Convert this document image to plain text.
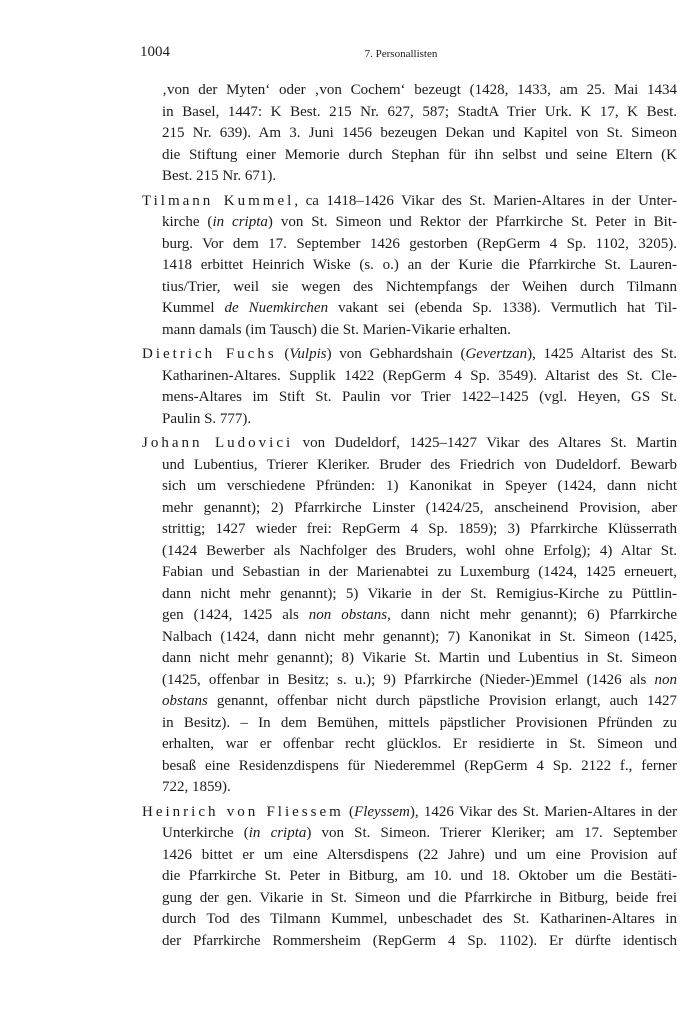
1004	7. Personallisten
‚von der Myten‘ oder ‚von Cochem‘ bezeugt (1428, 1433, am 25. Mai 1434
in Basel, 1447: K Best. 215 Nr. 627, 587; StadtA Trier Urk. K 17, K Best.
215 Nr. 639). Am 3. Juni 1456 bezeugen Dekan und Kapitel von St. Simeon
die Stiftung einer Memorie durch Stephan für ihn selbst und seine Eltern (K
Best. 215 Nr. 671).
Tilmann Kummel, ca 1418–1426 Vikar des St. Marien-Altares in der Unter-
kirche (in cripta) von St. Simeon und Rektor der Pfarrkirche St. Peter in Bit-
burg. Vor dem 17. September 1426 gestorben (RepGerm 4 Sp. 1102, 3205).
1418 erbittet Heinrich Wiske (s. o.) an der Kurie die Pfarrkirche St. Lauren-
tius/Trier, weil sie wegen des Nichtempfangs der Weihen durch Tilmann
Kummel de Nuemkirchen vakant sei (ebenda Sp. 1338). Vermutlich hat Til-
mann damals (im Tausch) die St. Marien-Vikarie erhalten.
Dietrich Fuchs (Vulpis) von Gebhardshain (Gevertzan), 1425 Altarist des St.
Katharinen-Altares. Supplik 1422 (RepGerm 4 Sp. 3549). Altarist des St. Cle-
mens-Altares im Stift St. Paulin vor Trier 1422–1425 (vgl. Heyen, GS St.
Paulin S. 777).
Johann Ludovici von Dudeldorf, 1425–1427 Vikar des Altares St. Martin
und Lubentius, Trierer Kleriker. Bruder des Friedrich von Dudeldorf. Bewarb
sich um verschiedene Pfründen: 1) Kanonikat in Speyer (1424, dann nicht
mehr genannt); 2) Pfarrkirche Linster (1424/25, anscheinend Provision, aber
strittig; 1427 wieder frei: RepGerm 4 Sp. 1859); 3) Pfarrkirche Klüsserrath
(1424 Bewerber als Nachfolger des Bruders, wohl ohne Erfolg); 4) Altar St.
Fabian und Sebastian in der Marienabtei zu Luxemburg (1424, 1425 erneuert,
dann nicht mehr genannt); 5) Vikarie in der St. Remigius-Kirche zu Püttlin-
gen (1424, 1425 als non obstans, dann nicht mehr genannt); 6) Pfarrkirche
Nalbach (1424, dann nicht mehr genannt); 7) Kanonikat in St. Simeon (1425,
dann nicht mehr genannt); 8) Vikarie St. Martin und Lubentius in St. Simeon
(1425, offenbar in Besitz; s. u.); 9) Pfarrkirche (Nieder-)Emmel (1426 als non
obstans genannt, offenbar nicht durch päpstliche Provision erlangt, auch 1427
in Besitz). – In dem Bemühen, mittels päpstlicher Provisionen Pfründen zu
erhalten, war er offenbar recht glücklos. Er residierte in St. Simeon und
besaß eine Residenzdispens für Niederemmel (RepGerm 4 Sp. 2122 f., ferner
722, 1859).
Heinrich von Fliessem (Fleyssem), 1426 Vikar des St. Marien-Altares in der
Unterkirche (in cripta) von St. Simeon. Trierer Kleriker; am 17. September
1426 bittet er um eine Altersdispens (22 Jahre) und um eine Provision auf
die Pfarrkirche St. Peter in Bitburg, am 10. und 18. Oktober um die Bestäti-
gung der gen. Vikarie in St. Simeon und die Pfarrkirche in Bitburg, beide frei
durch Tod des Tilmann Kummel, unbeschadet des St. Katharinen-Altares in
der Pfarrkirche Rommersheim (RepGerm 4 Sp. 1102). Er dürfte identisch
